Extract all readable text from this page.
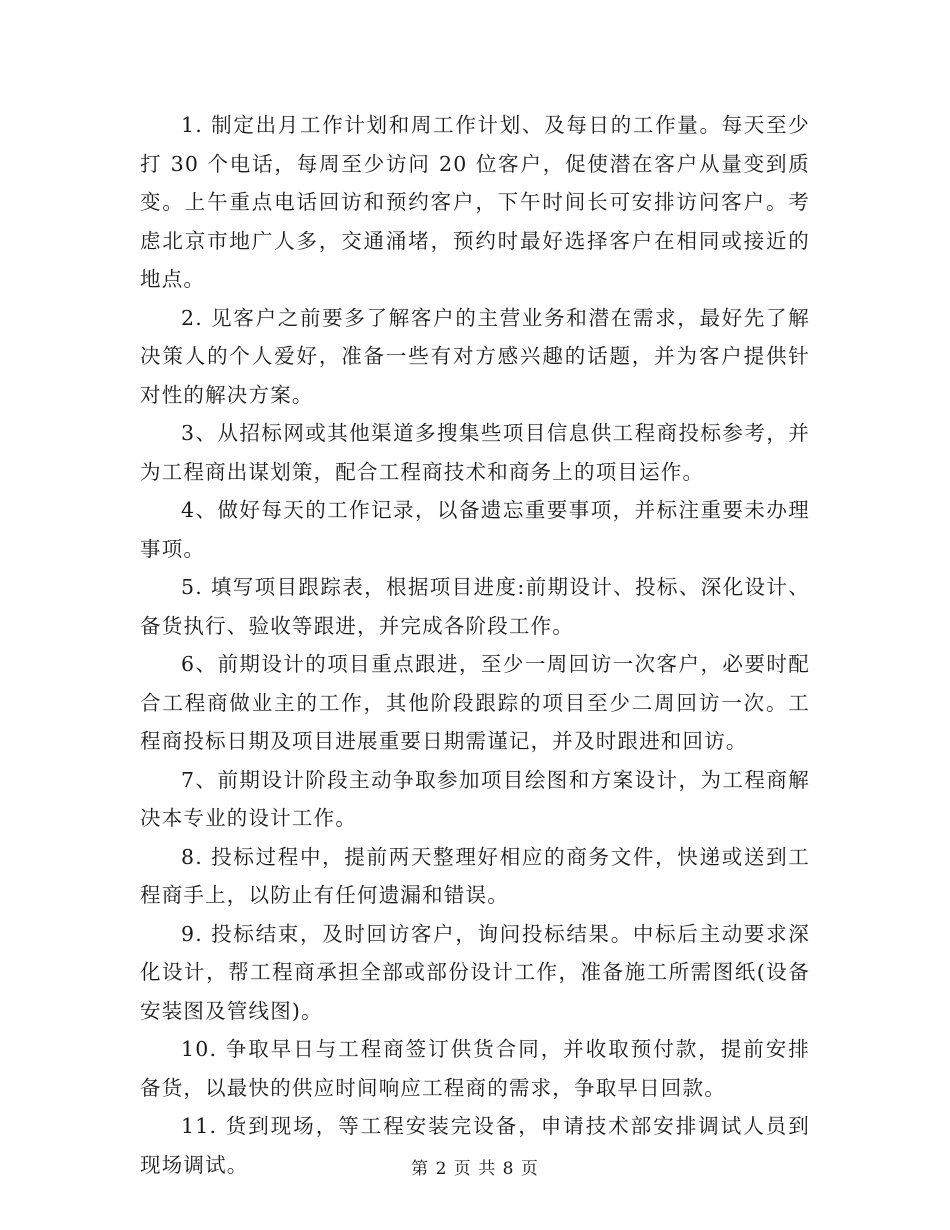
1. 制定出月工作计划和周工作计划、及每日的工作量。每天至少打 30 个电话，每周至少访问 20 位客户，促使潜在客户从量变到质变。上午重点电话回访和预约客户，下午时间长可安排访问客户。考虑北京市地广人多，交通涌堵，预约时最好选择客户在相同或接近的地点。

2. 见客户之前要多了解客户的主营业务和潜在需求，最好先了解决策人的个人爱好，准备一些有对方感兴趣的话题，并为客户提供针对性的解决方案。

3、从招标网或其他渠道多搜集些项目信息供工程商投标参考，并为工程商出谋划策，配合工程商技术和商务上的项目运作。

4、做好每天的工作记录，以备遗忘重要事项，并标注重要未办理事项。

5. 填写项目跟踪表，根据项目进度:前期设计、投标、深化设计、备货执行、验收等跟进，并完成各阶段工作。

6、前期设计的项目重点跟进，至少一周回访一次客户，必要时配合工程商做业主的工作，其他阶段跟踪的项目至少二周回访一次。工程商投标日期及项目进展重要日期需谨记，并及时跟进和回访。

7、前期设计阶段主动争取参加项目绘图和方案设计，为工程商解决本专业的设计工作。

8. 投标过程中，提前两天整理好相应的商务文件，快递或送到工程商手上，以防止有任何遗漏和错误。

9. 投标结束，及时回访客户，询问投标结果。中标后主动要求深化设计，帮工程商承担全部或部份设计工作，准备施工所需图纸(设备安装图及管线图)。

10. 争取早日与工程商签订供货合同，并收取预付款，提前安排备货，以最快的供应时间响应工程商的需求，争取早日回款。

11. 货到现场，等工程安装完设备，申请技术部安排调试人员到现场调试。	第 2 页 共 8 页
